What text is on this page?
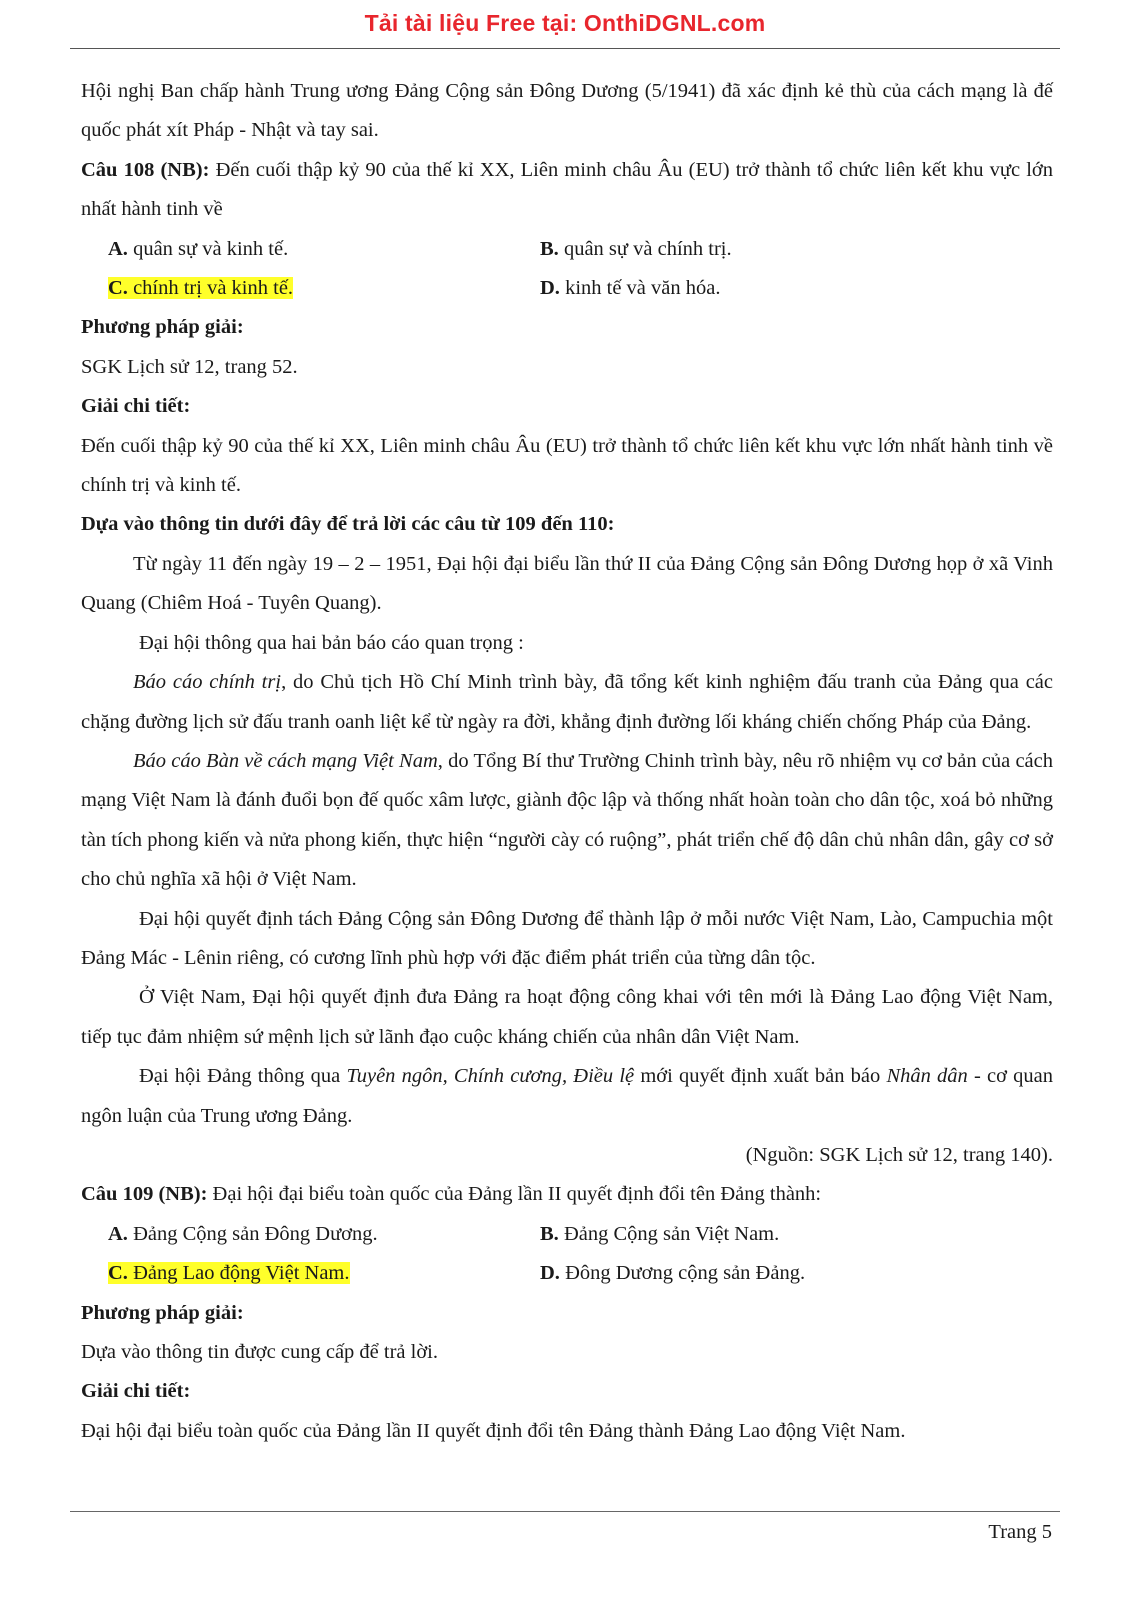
Tải tài liệu Free tại: OnthiDGNL.com

Hội nghị Ban chấp hành Trung ương Đảng Cộng sản Đông Dương (5/1941) đã xác định kẻ thù của cách mạng là đế quốc phát xít Pháp - Nhật và tay sai.

Câu 108 (NB): Đến cuối thập kỷ 90 của thế kỉ XX, Liên minh châu Âu (EU) trở thành tổ chức liên kết khu vực lớn nhất hành tinh về

A. quân sự và kinh tế.	B. quân sự và chính trị.
C. chính trị và kinh tế.	D. kinh tế và văn hóa.

Phương pháp giải:

SGK Lịch sử 12, trang 52.

Giải chi tiết:

Đến cuối thập kỷ 90 của thế kỉ XX, Liên minh châu Âu (EU) trở thành tổ chức liên kết khu vực lớn nhất hành tinh về chính trị và kinh tế.

Dựa vào thông tin dưới đây để trả lời các câu từ 109 đến 110:

Từ ngày 11 đến ngày 19 – 2 – 1951, Đại hội đại biểu lần thứ II của Đảng Cộng sản Đông Dương họp ở xã Vinh Quang (Chiêm Hoá - Tuyên Quang).

Đại hội thông qua hai bản báo cáo quan trọng :

Báo cáo chính trị, do Chủ tịch Hồ Chí Minh trình bày, đã tổng kết kinh nghiệm đấu tranh của Đảng qua các chặng đường lịch sử đấu tranh oanh liệt kể từ ngày ra đời, khẳng định đường lối kháng chiến chống Pháp của Đảng.

Báo cáo Bàn về cách mạng Việt Nam, do Tổng Bí thư Trường Chinh trình bày, nêu rõ nhiệm vụ cơ bản của cách mạng Việt Nam là đánh đuổi bọn đế quốc xâm lược, giành độc lập và thống nhất hoàn toàn cho dân tộc, xoá bỏ những tàn tích phong kiến và nửa phong kiến, thực hiện “người cày có ruộng”, phát triển chế độ dân chủ nhân dân, gây cơ sở cho chủ nghĩa xã hội ở Việt Nam.

Đại hội quyết định tách Đảng Cộng sản Đông Dương để thành lập ở mỗi nước Việt Nam, Lào, Campuchia một Đảng Mác - Lênin riêng, có cương lĩnh phù hợp với đặc điểm phát triển của từng dân tộc.

Ở Việt Nam, Đại hội quyết định đưa Đảng ra hoạt động công khai với tên mới là Đảng Lao động Việt Nam, tiếp tục đảm nhiệm sứ mệnh lịch sử lãnh đạo cuộc kháng chiến của nhân dân Việt Nam.

Đại hội Đảng thông qua Tuyên ngôn, Chính cương, Điều lệ mới quyết định xuất bản báo Nhân dân - cơ quan ngôn luận của Trung ương Đảng.

(Nguồn: SGK Lịch sử 12, trang 140).

Câu 109 (NB): Đại hội đại biểu toàn quốc của Đảng lần II quyết định đổi tên Đảng thành:

A. Đảng Cộng sản Đông Dương.	B. Đảng Cộng sản Việt Nam.
C. Đảng Lao động Việt Nam.	D. Đông Dương cộng sản Đảng.

Phương pháp giải:

Dựa vào thông tin được cung cấp để trả lời.

Giải chi tiết:

Đại hội đại biểu toàn quốc của Đảng lần II quyết định đổi tên Đảng thành Đảng Lao động Việt Nam.

Trang 5
